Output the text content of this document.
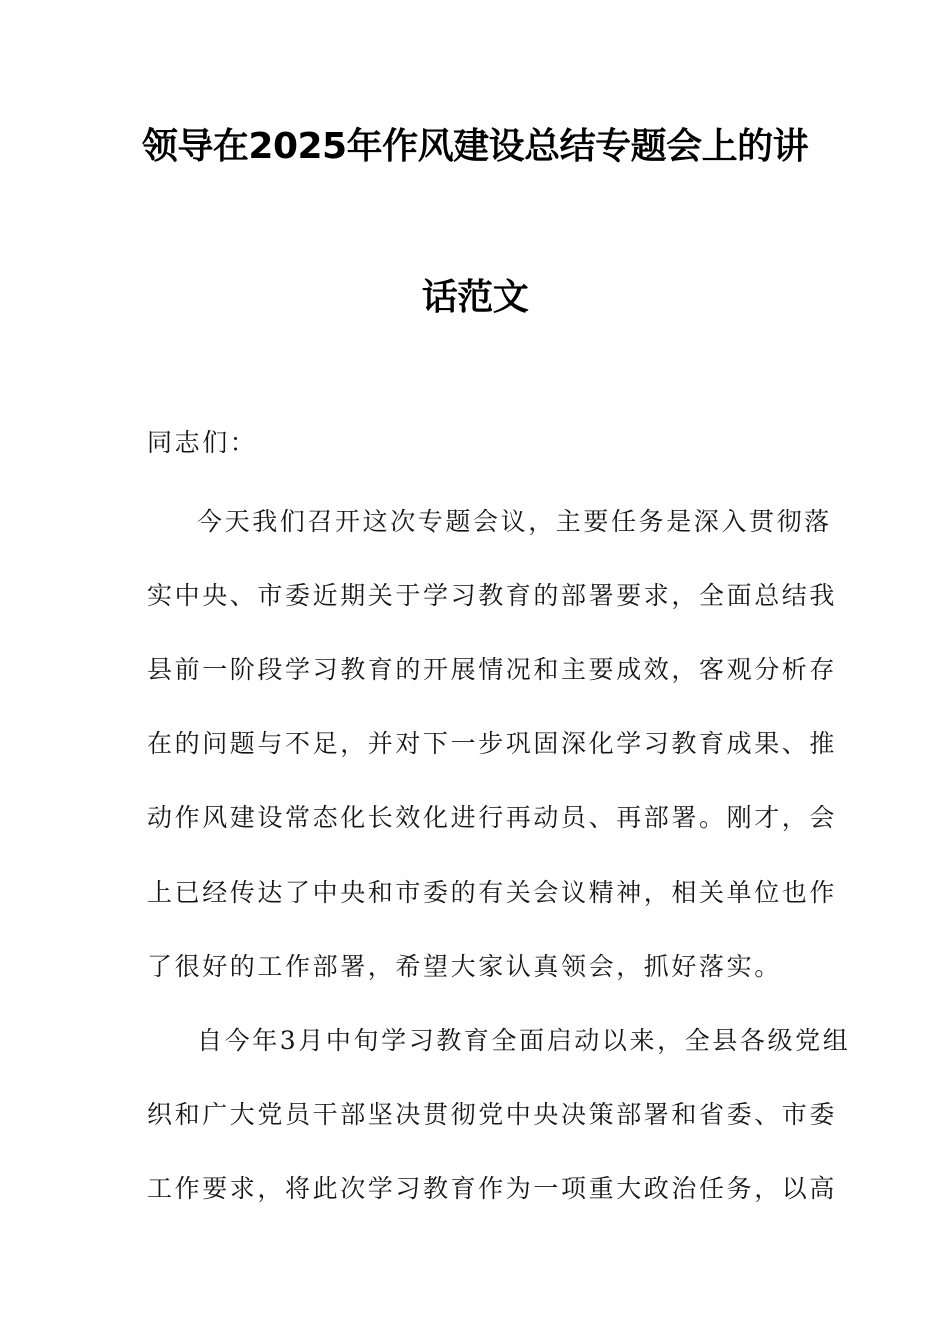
领导在2025年作风建设总结专题会上的讲
话范文
同志们：
今天我们召开这次专题会议，主要任务是深入贯彻落
实中央、市委近期关于学习教育的部署要求，全面总结我
县前一阶段学习教育的开展情况和主要成效，客观分析存
在的问题与不足，并对下一步巩固深化学习教育成果、推
动作风建设常态化长效化进行再动员、再部署。刚才，会
上已经传达了中央和市委的有关会议精神，相关单位也作
了很好的工作部署，希望大家认真领会，抓好落实。
自今年3月中旬学习教育全面启动以来，全县各级党组
织和广大党员干部坚决贯彻党中央决策部署和省委、市委
工作要求，将此次学习教育作为一项重大政治任务，以高
